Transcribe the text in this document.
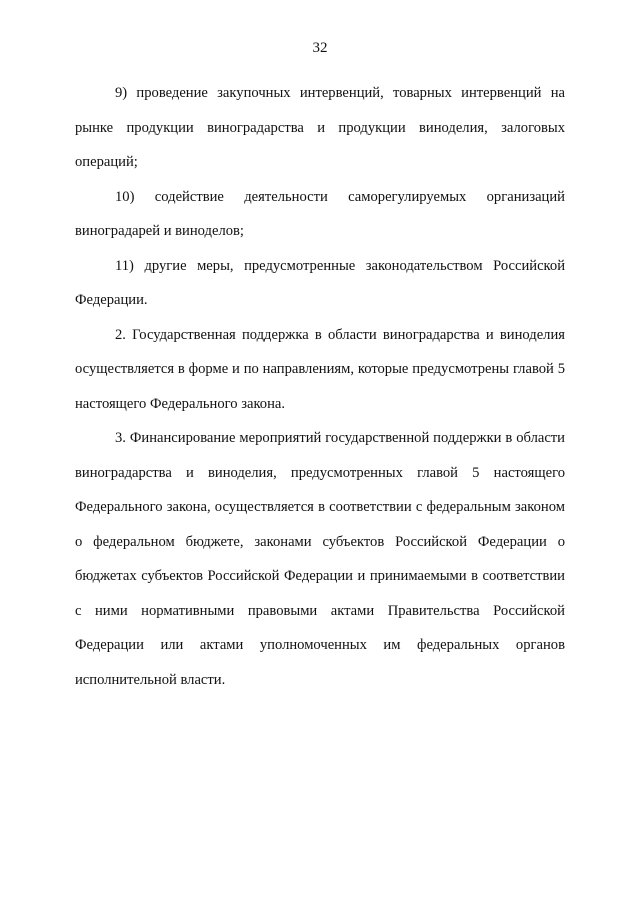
32

9) проведение закупочных интервенций, товарных интервенций на рынке продукции виноградарства и продукции виноделия, залоговых операций;

10) содействие деятельности саморегулируемых организаций виноградарей и виноделов;

11) другие меры, предусмотренные законодательством Российской Федерации.

2. Государственная поддержка в области виноградарства и виноделия осуществляется в форме и по направлениям, которые предусмотрены главой 5 настоящего Федерального закона.

3. Финансирование мероприятий государственной поддержки в области виноградарства и виноделия, предусмотренных главой 5 настоящего Федерального закона, осуществляется в соответствии с федеральным законом о федеральном бюджете, законами субъектов Российской Федерации о бюджетах субъектов Российской Федерации и принимаемыми в соответствии с ними нормативными правовыми актами Правительства Российской Федерации или актами уполномоченных им федеральных органов исполнительной власти.
